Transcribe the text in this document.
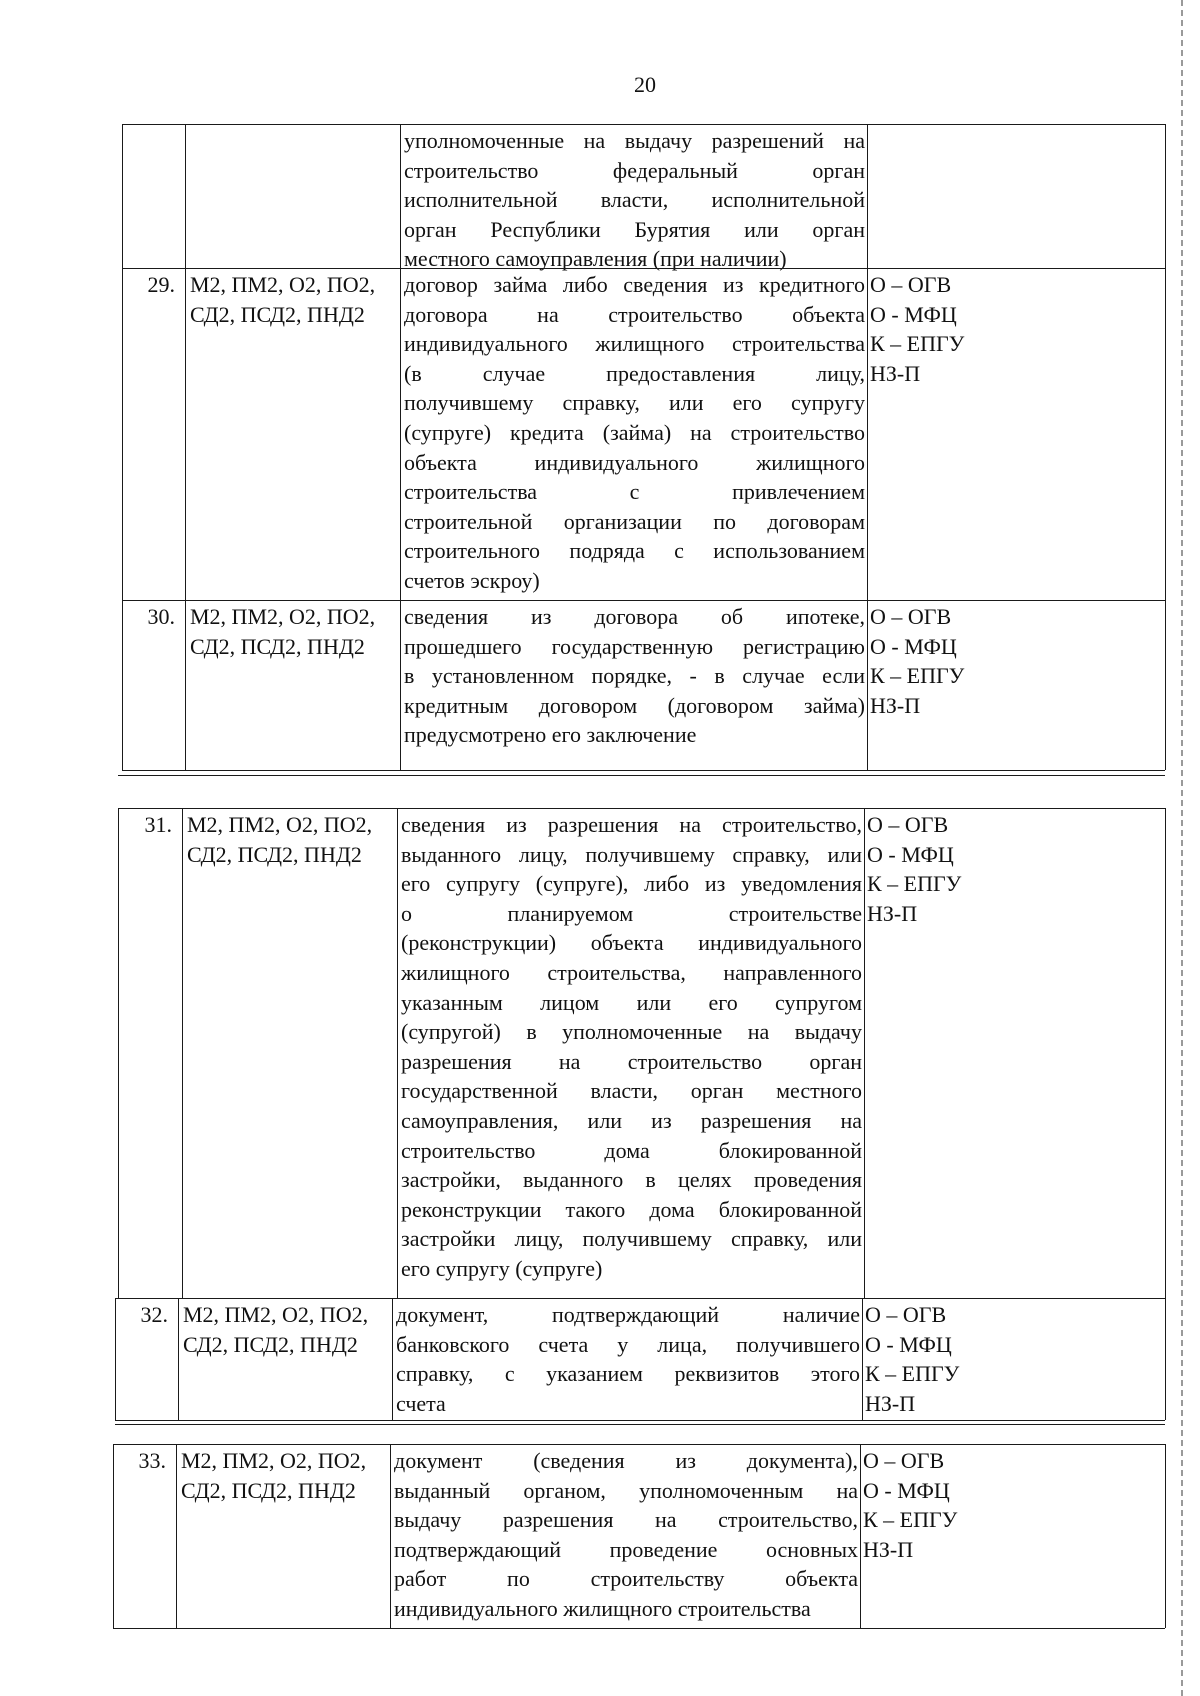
20
уполномоченные на выдачу разрешений на
строительство федеральный орган
исполнительной власти, исполнительной
орган Республики Бурятия или орган
местного самоуправления (при наличии)
29. М2, ПМ2, О2, ПО2, СД2, ПСД2, ПНД2
договор займа либо сведения из кредитного
договора на строительство объекта
индивидуального жилищного строительства
(в случае предоставления лицу,
получившему справку, или его супругу
(супруге) кредита (займа) на строительство
объекта индивидуального жилищного
строительства с привлечением
строительной организации по договорам
строительного подряда с использованием
счетов эскроу)
О – ОГВ
О - МФЦ
К – ЕПГУ
НЗ-П
30. М2, ПМ2, О2, ПО2, СД2, ПСД2, ПНД2
сведения из договора об ипотеке,
прошедшего государственную регистрацию
в установленном порядке, - в случае если
кредитным договором (договором займа)
предусмотрено его заключение
О – ОГВ
О - МФЦ
К – ЕПГУ
НЗ-П
31. М2, ПМ2, О2, ПО2, СД2, ПСД2, ПНД2
сведения из разрешения на строительство,
выданного лицу, получившему справку, или
его супругу (супруге), либо из уведомления
о планируемом строительстве
(реконструкции) объекта индивидуального
жилищного строительства, направленного
указанным лицом или его супругом
(супругой) в уполномоченные на выдачу
разрешения на строительство орган
государственной власти, орган местного
самоуправления, или из разрешения на
строительство дома блокированной
застройки, выданного в целях проведения
реконструкции такого дома блокированной
застройки лицу, получившему справку, или
его супругу (супруге)
О – ОГВ
О - МФЦ
К – ЕПГУ
НЗ-П
32. М2, ПМ2, О2, ПО2, СД2, ПСД2, ПНД2
документ, подтверждающий наличие
банковского счета у лица, получившего
справку, с указанием реквизитов этого
счета
О – ОГВ
О - МФЦ
К – ЕПГУ
НЗ-П
33. М2, ПМ2, О2, ПО2, СД2, ПСД2, ПНД2
документ (сведения из документа),
выданный органом, уполномоченным на
выдачу разрешения на строительство,
подтверждающий проведение основных
работ по строительству объекта
индивидуального жилищного строительства
О – ОГВ
О - МФЦ
К – ЕПГУ
НЗ-П
